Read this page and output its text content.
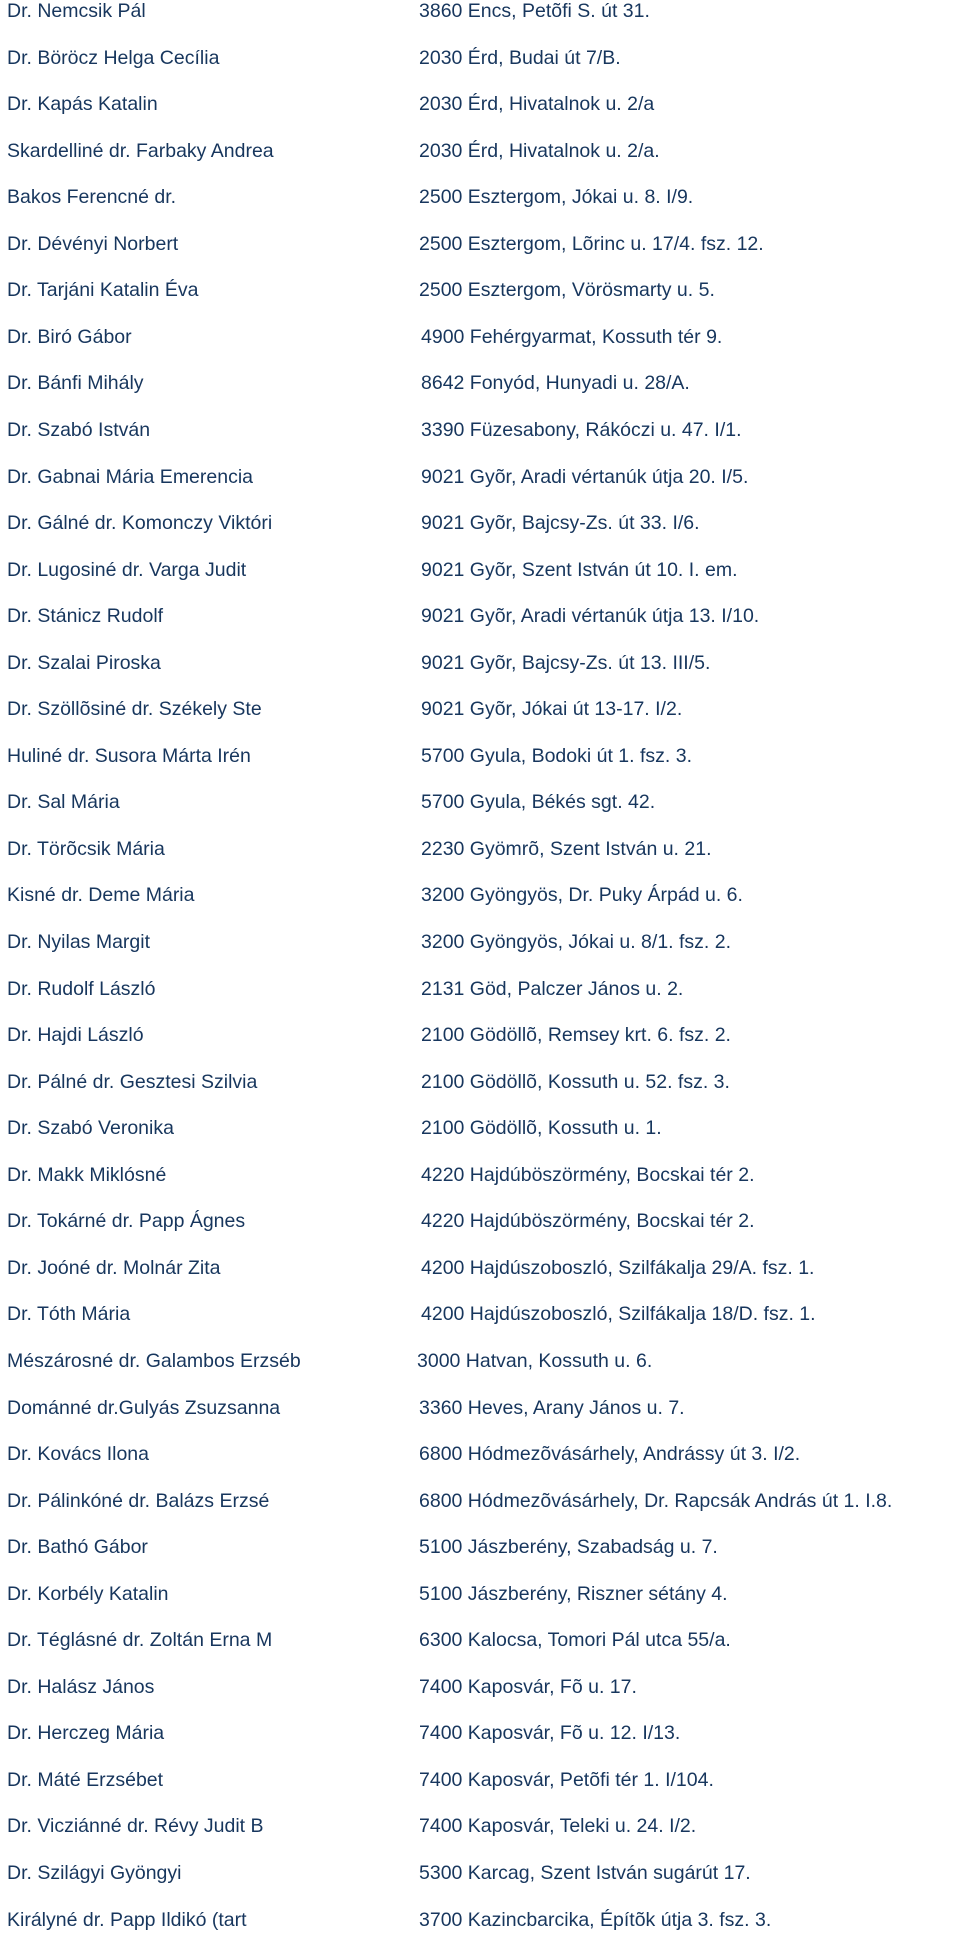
Dr. Nemcsik Pál	3860 Encs, Petõfi S. út 31.
Dr. Böröcz Helga Cecília	2030 Érd, Budai út 7/B.
Dr. Kapás Katalin	2030 Érd, Hivatalnok u. 2/a
Skardelliné dr. Farbaky Andrea	2030 Érd, Hivatalnok u. 2/a.
Bakos Ferencné dr.	2500 Esztergom, Jókai u. 8. I/9.
Dr. Dévényi Norbert	2500 Esztergom, Lõrinc u. 17/4. fsz. 12.
Dr. Tarjáni Katalin Éva	2500 Esztergom, Vörösmarty u. 5.
Dr. Biró Gábor	4900 Fehérgyarmat, Kossuth tér 9.
Dr. Bánfi Mihály	8642 Fonyód, Hunyadi u. 28/A.
Dr. Szabó István	3390 Füzesabony, Rákóczi u. 47. I/1.
Dr. Gabnai Mária Emerencia	9021 Gyõr, Aradi vértanúk útja 20. I/5.
Dr. Gálné dr. Komonczy Viktóri	9021 Gyõr, Bajcsy-Zs. út 33. I/6.
Dr. Lugosiné dr. Varga Judit	9021 Gyõr, Szent István út 10. I. em.
Dr. Stánicz Rudolf	9021 Gyõr, Aradi vértanúk útja 13. I/10.
Dr. Szalai Piroska	9021 Gyõr, Bajcsy-Zs. út 13. III/5.
Dr. Szöllõsiné dr. Székely Ste	9021 Gyõr, Jókai út 13-17. I/2.
Huliné dr. Susora Márta Irén	5700 Gyula, Bodoki út 1. fsz. 3.
Dr. Sal Mária	5700 Gyula, Békés sgt. 42.
Dr. Törõcsik Mária	2230 Gyömrõ, Szent István u. 21.
Kisné dr. Deme Mária	3200 Gyöngyös, Dr. Puky Árpád u. 6.
Dr. Nyilas Margit	3200 Gyöngyös, Jókai u. 8/1. fsz. 2.
Dr. Rudolf László	2131 Göd, Palczer János u. 2.
Dr. Hajdi László	2100 Gödöllõ, Remsey krt. 6. fsz. 2.
Dr. Pálné dr. Gesztesi Szilvia	2100 Gödöllõ, Kossuth u. 52. fsz. 3.
Dr. Szabó Veronika	2100 Gödöllõ, Kossuth u. 1.
Dr. Makk Miklósné	4220 Hajdúböszörmény, Bocskai tér 2.
Dr. Tokárné dr. Papp Ágnes	4220 Hajdúböszörmény, Bocskai tér 2.
Dr. Joóné dr. Molnár Zita	4200 Hajdúszoboszló, Szilfákalja 29/A. fsz. 1.
Dr. Tóth Mária	4200 Hajdúszoboszló, Szilfákalja 18/D. fsz. 1.
Mészárosné dr. Galambos Erzséb	3000 Hatvan, Kossuth u. 6.
Dománné dr.Gulyás Zsuzsanna	3360 Heves, Arany János u. 7.
Dr. Kovács Ilona	6800 Hódmezõvásárhely, Andrássy út 3. I/2.
Dr. Pálinkóné dr. Balázs Erzsé	6800 Hódmezõvásárhely, Dr. Rapcsák András út 1. I.8.
Dr. Bathó Gábor	5100 Jászberény, Szabadság u. 7.
Dr. Korbély Katalin	5100 Jászberény, Riszner sétány 4.
Dr. Téglásné dr. Zoltán Erna M	6300 Kalocsa, Tomori Pál utca 55/a.
Dr. Halász János	7400 Kaposvár, Fõ u. 17.
Dr. Herczeg Mária	7400 Kaposvár, Fõ u. 12. I/13.
Dr. Máté Erzsébet	7400 Kaposvár, Petõfi tér 1. I/104.
Dr. Vicziánné dr. Révy Judit B	7400 Kaposvár, Teleki u. 24. I/2.
Dr. Szilágyi Gyöngyi	5300 Karcag, Szent István sugárút 17.
Királyné dr. Papp Ildikó (tart	3700 Kazincbarcika, Építõk útja 3. fsz. 3.
